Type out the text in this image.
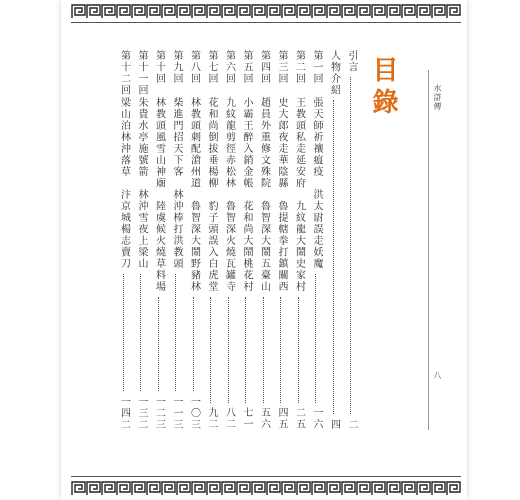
目錄	水滸傳
八
引言
二
人物介紹
四
第一回
張天師祈禳瘟疫　洪太尉誤走妖魔
一六
第二回
王教頭私走延安府　九紋龍大鬧史家村
二五
第三回
史大郎夜走華陰縣　魯提轄拳打鎮關西
四五
第四回
趙員外重修文殊院　魯智深大鬧五臺山
五六
第五回
小霸王醉入銷金帳　花和尚大鬧桃花村
七一
第六回
九紋龍剪徑赤松林　魯智深火燒瓦罐寺
八二
第七回
花和尚倒拔垂楊柳　豹子頭誤入白虎堂
九二
第八回
林教頭刺配滄州道　魯智深大鬧野豬林
一〇三
第九回
柴進門招天下客　林沖棒打洪教頭
一一三
第十回
林教頭風雪山神廟　陸虞候火燒草料場
一二三
第十一回
朱貴水亭施號箭　林沖雪夜上梁山
一三二
第十二回
梁山泊林沖落草　汴京城楊志賣刀
一四二
